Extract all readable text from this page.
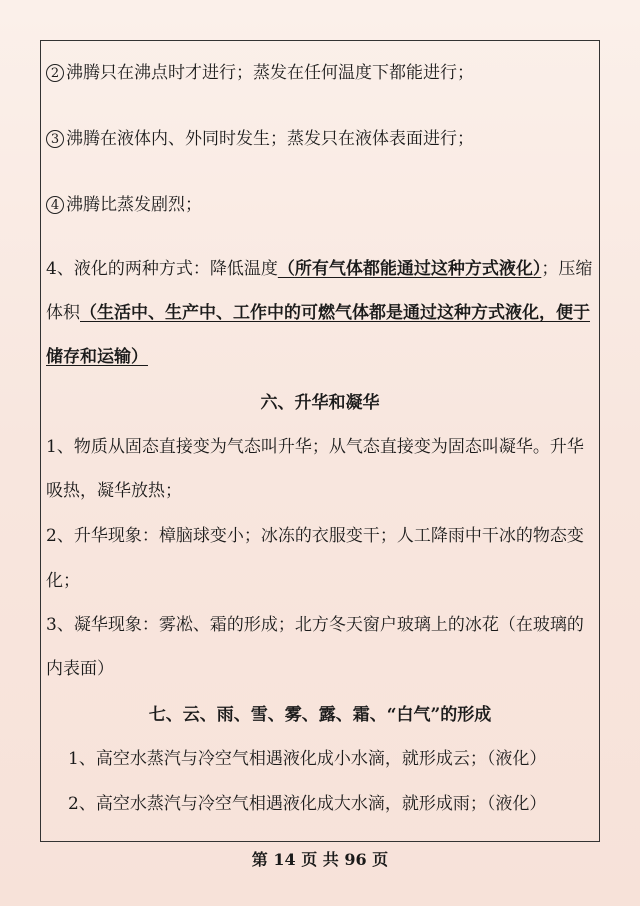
2 沸腾只在沸点时才进行；蒸发在任何温度下都能进行；
3 沸腾在液体内、外同时发生；蒸发只在液体表面进行；
4 沸腾比蒸发剧烈；
4、液化的两种方式：降低温度（所有气体都能通过这种方式液化）；压缩
体积（生活中、生产中、工作中的可燃气体都是通过这种方式液化，便于
储存和运输）
六、升华和凝华
1、物质从固态直接变为气态叫升华；从气态直接变为固态叫凝华。升华
吸热，凝华放热；
2、升华现象：樟脑球变小；冰冻的衣服变干；人工降雨中干冰的物态变
化；
3、凝华现象：雾凇、霜的形成；北方冬天窗户玻璃上的冰花（在玻璃的
内表面）
七、云、雨、雪、雾、露、霜、“白气”的形成
1、高空水蒸汽与冷空气相遇液化成小水滴，就形成云；（液化）
2、高空水蒸汽与冷空气相遇液化成大水滴，就形成雨；（液化）
第 14 页 共 96 页
